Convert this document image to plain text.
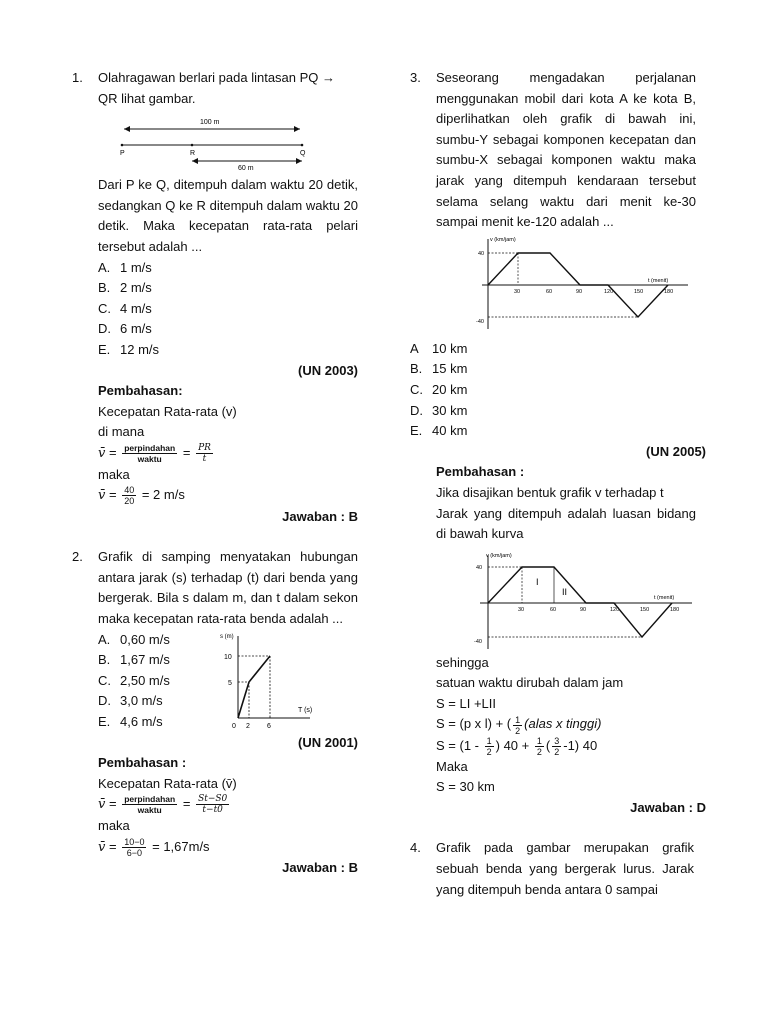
1.	Olahragawan berlari pada lintasan PQ →
QR lihat gambar.
100 m
P	R	Q
60 m
Dari P ke Q, ditempuh dalam waktu 20 detik, sedangkan Q ke R ditempuh dalam waktu 20 detik. Maka kecepatan rata-rata pelari tersebut adalah ...
A. 1 m/s
B. 2 m/s
C. 4 m/s
D. 6 m/s
E. 12 m/s
(UN 2003)
Pembahasan:
Kecepatan Rata-rata (v)
di mana
v̄ = $\frac{\text{perpindahan}}{\text{waktu}} = \frac{PR}{t}$
maka
v̄ = $\frac{40}{20} = 2$ m/s
Jawaban : B
2.	Grafik di samping menyatakan hubungan antara jarak (s) terhadap (t) dari benda yang bergerak. Bila s dalam m, dan t dalam sekon maka kecepatan rata-rata benda adalah ...
A. 0,60 m/s
B. 1,67 m/s
C. 2,50 m/s
D. 3,0 m/s
E. 4,6 m/s
s (m)
T (s)
10
5
0 2 6
(UN 2001)
Pembahasan :
Kecepatan Rata-rata (v̄)
v̄ = $\frac{\text{perpindahan}}{\text{waktu}} = \frac{St-S0}{t-t0}$
maka
v̄ = $\frac{10-0}{6-0} = 1,67m/s$
Jawaban : B
3.	Seseorang mengadakan perjalanan menggunakan mobil dari kota A ke kota B, diperlihatkan oleh grafik di bawah ini, sumbu-Y sebagai komponen kecepatan dan sumbu-X sebagai komponen waktu maka jarak yang ditempuh kendaraan tersebut selama selang waktu dari menit ke-30 sampai menit ke-120 adalah ...
v (km/jam)
t (menit)
40
-40
30	60	90	120	150	180
A	10 km
B. 15 km
C. 20 km
D. 30 km
E. 40 km
(UN 2005)
Pembahasan :
Jika disajikan bentuk grafik v terhadap t
Jarak yang ditempuh adalah luasan bidang di bawah kurva
v (km/jam)
t (menit)
40
-40
30	60	90	120	150	180
I
II
sehingga
satuan waktu dirubah dalam jam
S = LI +LII
S = (p x l) + ( $\frac{1}{2}$ (alas x tinggi)
$S = (1 - \frac{1}{2}$ ) $40 + \frac{1}{2}$ ( $\frac{3}{2} -1$) 40
Maka
S = 30 km
Jawaban : D
4.	Grafik pada gambar merupakan grafik sebuah benda yang bergerak lurus. Jarak yang ditempuh benda antara 0 sampai
